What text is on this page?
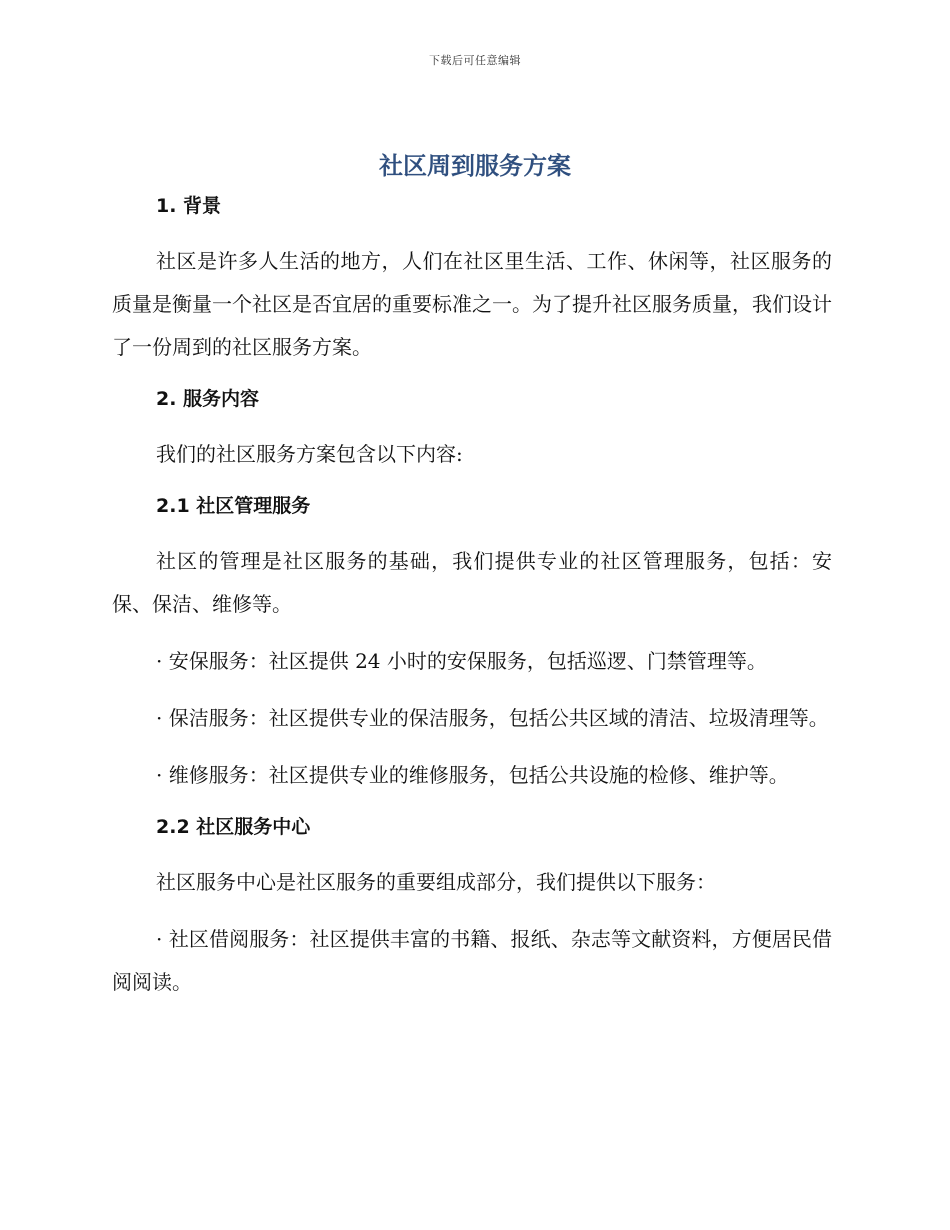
下载后可任意编辑
社区周到服务方案
1. 背景

社区是许多人生活的地方，人们在社区里生活、工作、休闲等，社区服务的质量是衡量一个社区是否宜居的重要标准之一。为了提升社区服务质量，我们设计了一份周到的社区服务方案。

2. 服务内容

我们的社区服务方案包含以下内容:

2.1 社区管理服务

社区的管理是社区服务的基础，我们提供专业的社区管理服务，包括：安保、保洁、维修等。

· 安保服务：社区提供 24 小时的安保服务，包括巡逻、门禁管理等。

· 保洁服务：社区提供专业的保洁服务，包括公共区域的清洁、垃圾清理等。

· 维修服务：社区提供专业的维修服务，包括公共设施的检修、维护等。

2.2 社区服务中心

社区服务中心是社区服务的重要组成部分，我们提供以下服务：

· 社区借阅服务：社区提供丰富的书籍、报纸、杂志等文献资料，方便居民借阅阅读。
